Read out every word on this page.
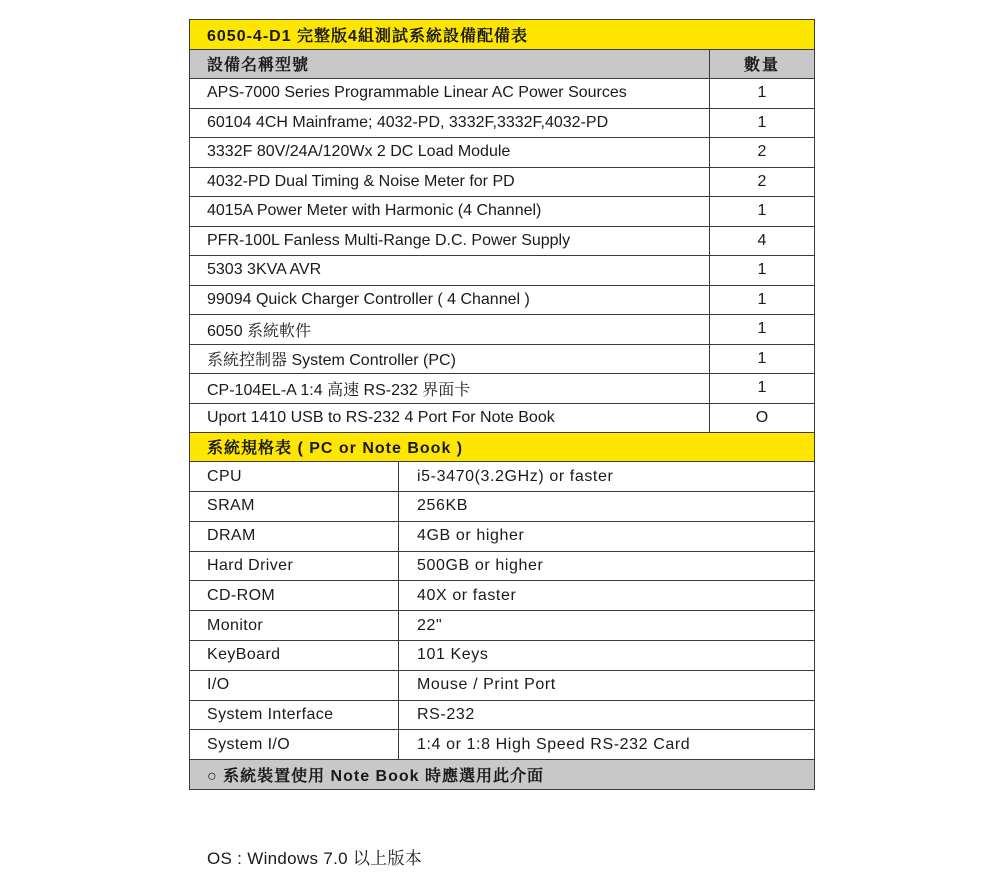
6050-4-D1 完整版4組測試系統設備配備表	
設備名稱型號	數量
APS-7000 Series Programmable Linear AC Power Sources	1
60104 4CH Mainframe; 4032-PD, 3332F,3332F,4032-PD	1
3332F 80V/24A/120Wx 2 DC Load Module	2
4032-PD Dual Timing & Noise Meter for PD	2
4015A Power Meter with Harmonic (4 Channel)	1
PFR-100L Fanless Multi-Range D.C. Power Supply	4
5303 3KVA AVR	1
99094 Quick Charger Controller ( 4 Channel )	1
6050 系統軟件	1
系統控制器 System Controller (PC)	1
CP-104EL-A 1:4 高速 RS-232 界面卡	1
Uport 1410 USB to RS-232 4 Port For Note Book	O
系統規格表 ( PC or Note Book )	
CPU	i5-3470(3.2GHz) or faster
SRAM	256KB
DRAM	4GB or higher
Hard Driver	500GB or higher
CD-ROM	40X or faster
Monitor	22"
KeyBoard	101 Keys
I/O	Mouse / Print Port
System Interface	RS-232
System I/O	1:4 or 1:8 High Speed RS-232 Card
○ 系統裝置使用 Note Book 時應選用此介面	
OS : Windows 7.0 以上版本
